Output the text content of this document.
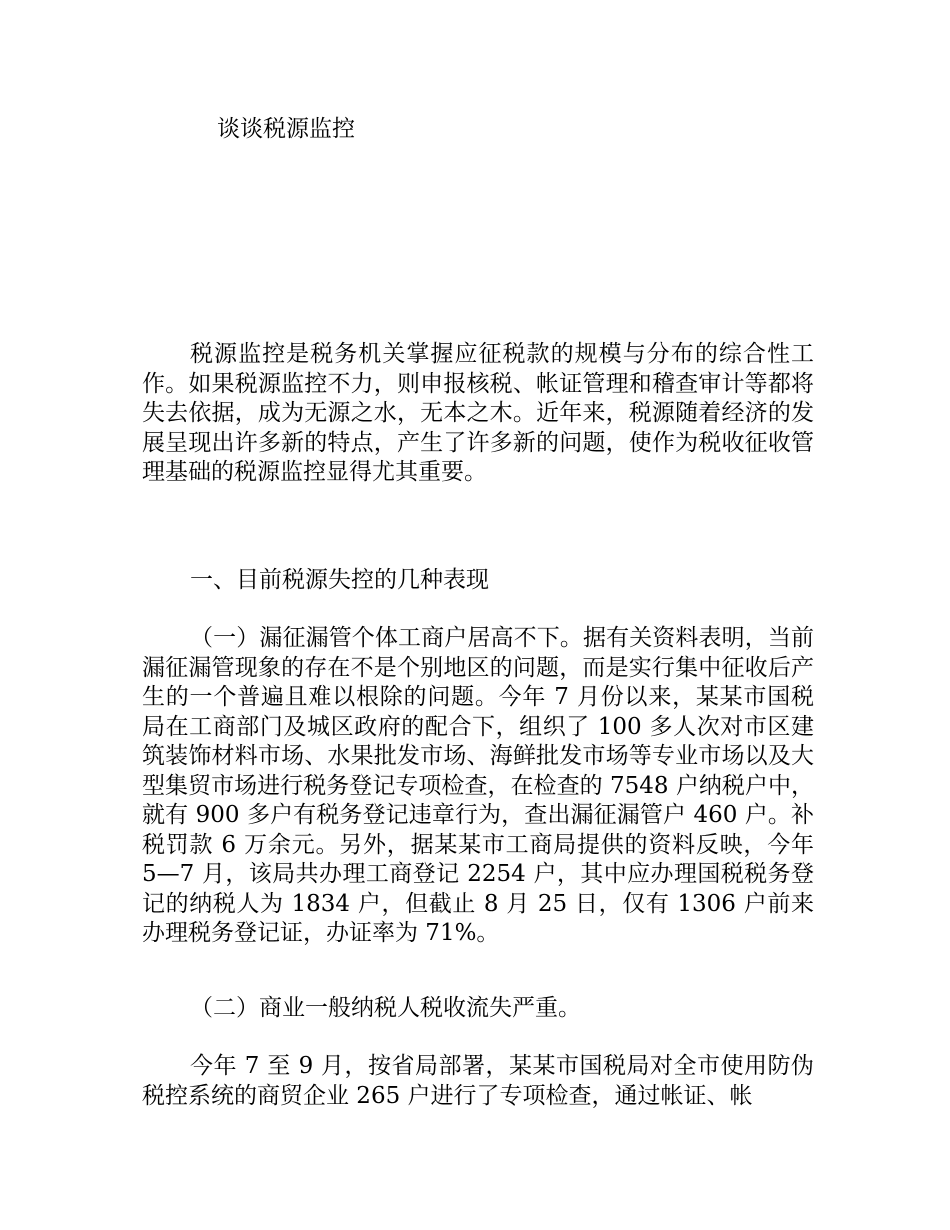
谈谈税源监控

税源监控是税务机关掌握应征税款的规模与分布的综合性工作。如果税源监控不力，则申报核税、帐证管理和稽查审计等都将失去依据，成为无源之水，无本之木。近年来，税源随着经济的发展呈现出许多新的特点，产生了许多新的问题，使作为税收征收管理基础的税源监控显得尤其重要。

一、目前税源失控的几种表现

（一）漏征漏管个体工商户居高不下。据有关资料表明，当前漏征漏管现象的存在不是个别地区的问题，而是实行集中征收后产生的一个普遍且难以根除的问题。今年 7 月份以来，某某市国税局在工商部门及城区政府的配合下，组织了 100 多人次对市区建筑装饰材料市场、水果批发市场、海鲜批发市场等专业市场以及大型集贸市场进行税务登记专项检查，在检查的 7548 户纳税户中，就有 900 多户有税务登记违章行为，查出漏征漏管户 460 户。补税罚款 6 万余元。另外，据某某市工商局提供的资料反映，今年 5—7 月，该局共办理工商登记 2254 户，其中应办理国税税务登记的纳税人为 1834 户，但截止 8 月 25 日，仅有 1306 户前来办理税务登记证，办证率为 71%。

（二）商业一般纳税人税收流失严重。

今年 7 至 9 月，按省局部署，某某市国税局对全市使用防伪税控系统的商贸企业 265 户进行了专项检查，通过帐证、帐
